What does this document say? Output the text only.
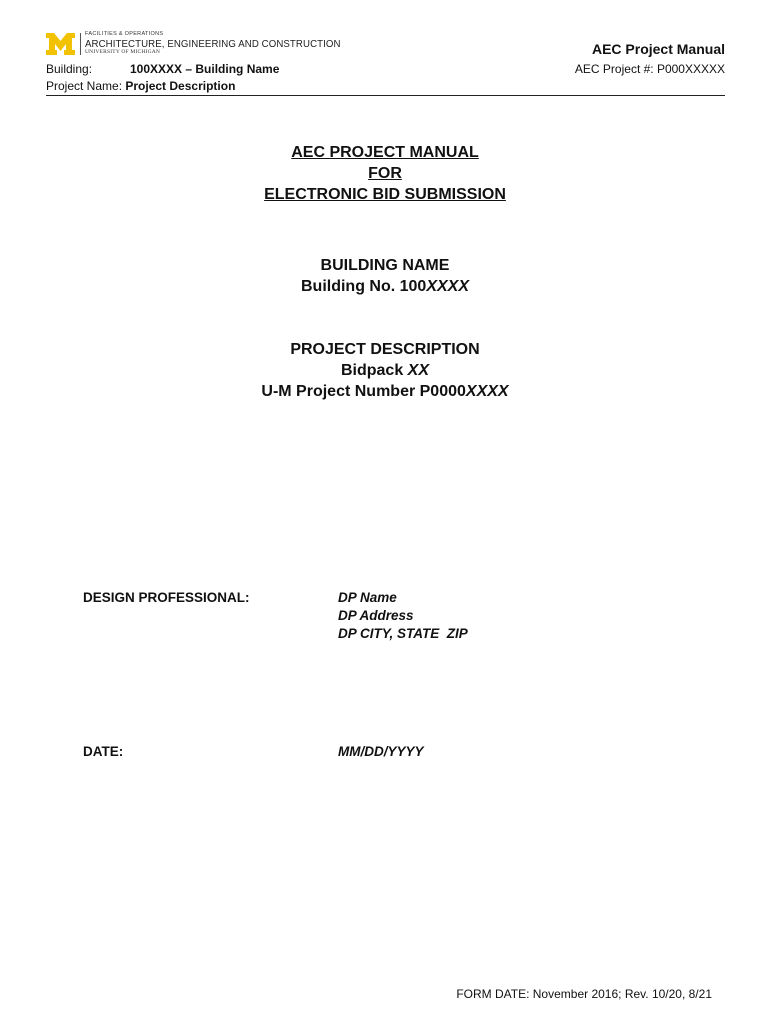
FACILITIES & OPERATIONS
ARCHITECTURE, ENGINEERING AND CONSTRUCTION
UNIVERSITY OF MICHIGAN	AEC Project Manual
AEC Project #: P000XXXXX
Building:	100XXXX – Building Name
Project Name: Project Description
AEC PROJECT MANUAL
FOR
ELECTRONIC BID SUBMISSION
BUILDING NAME
Building No. 100XXXX
PROJECT DESCRIPTION
Bidpack XX
U-M Project Number P0000XXXX
DESIGN PROFESSIONAL:	DP Name
DP Address
DP CITY, STATE  ZIP
DATE:	MM/DD/YYYY
FORM DATE: November 2016; Rev. 10/20, 8/21
